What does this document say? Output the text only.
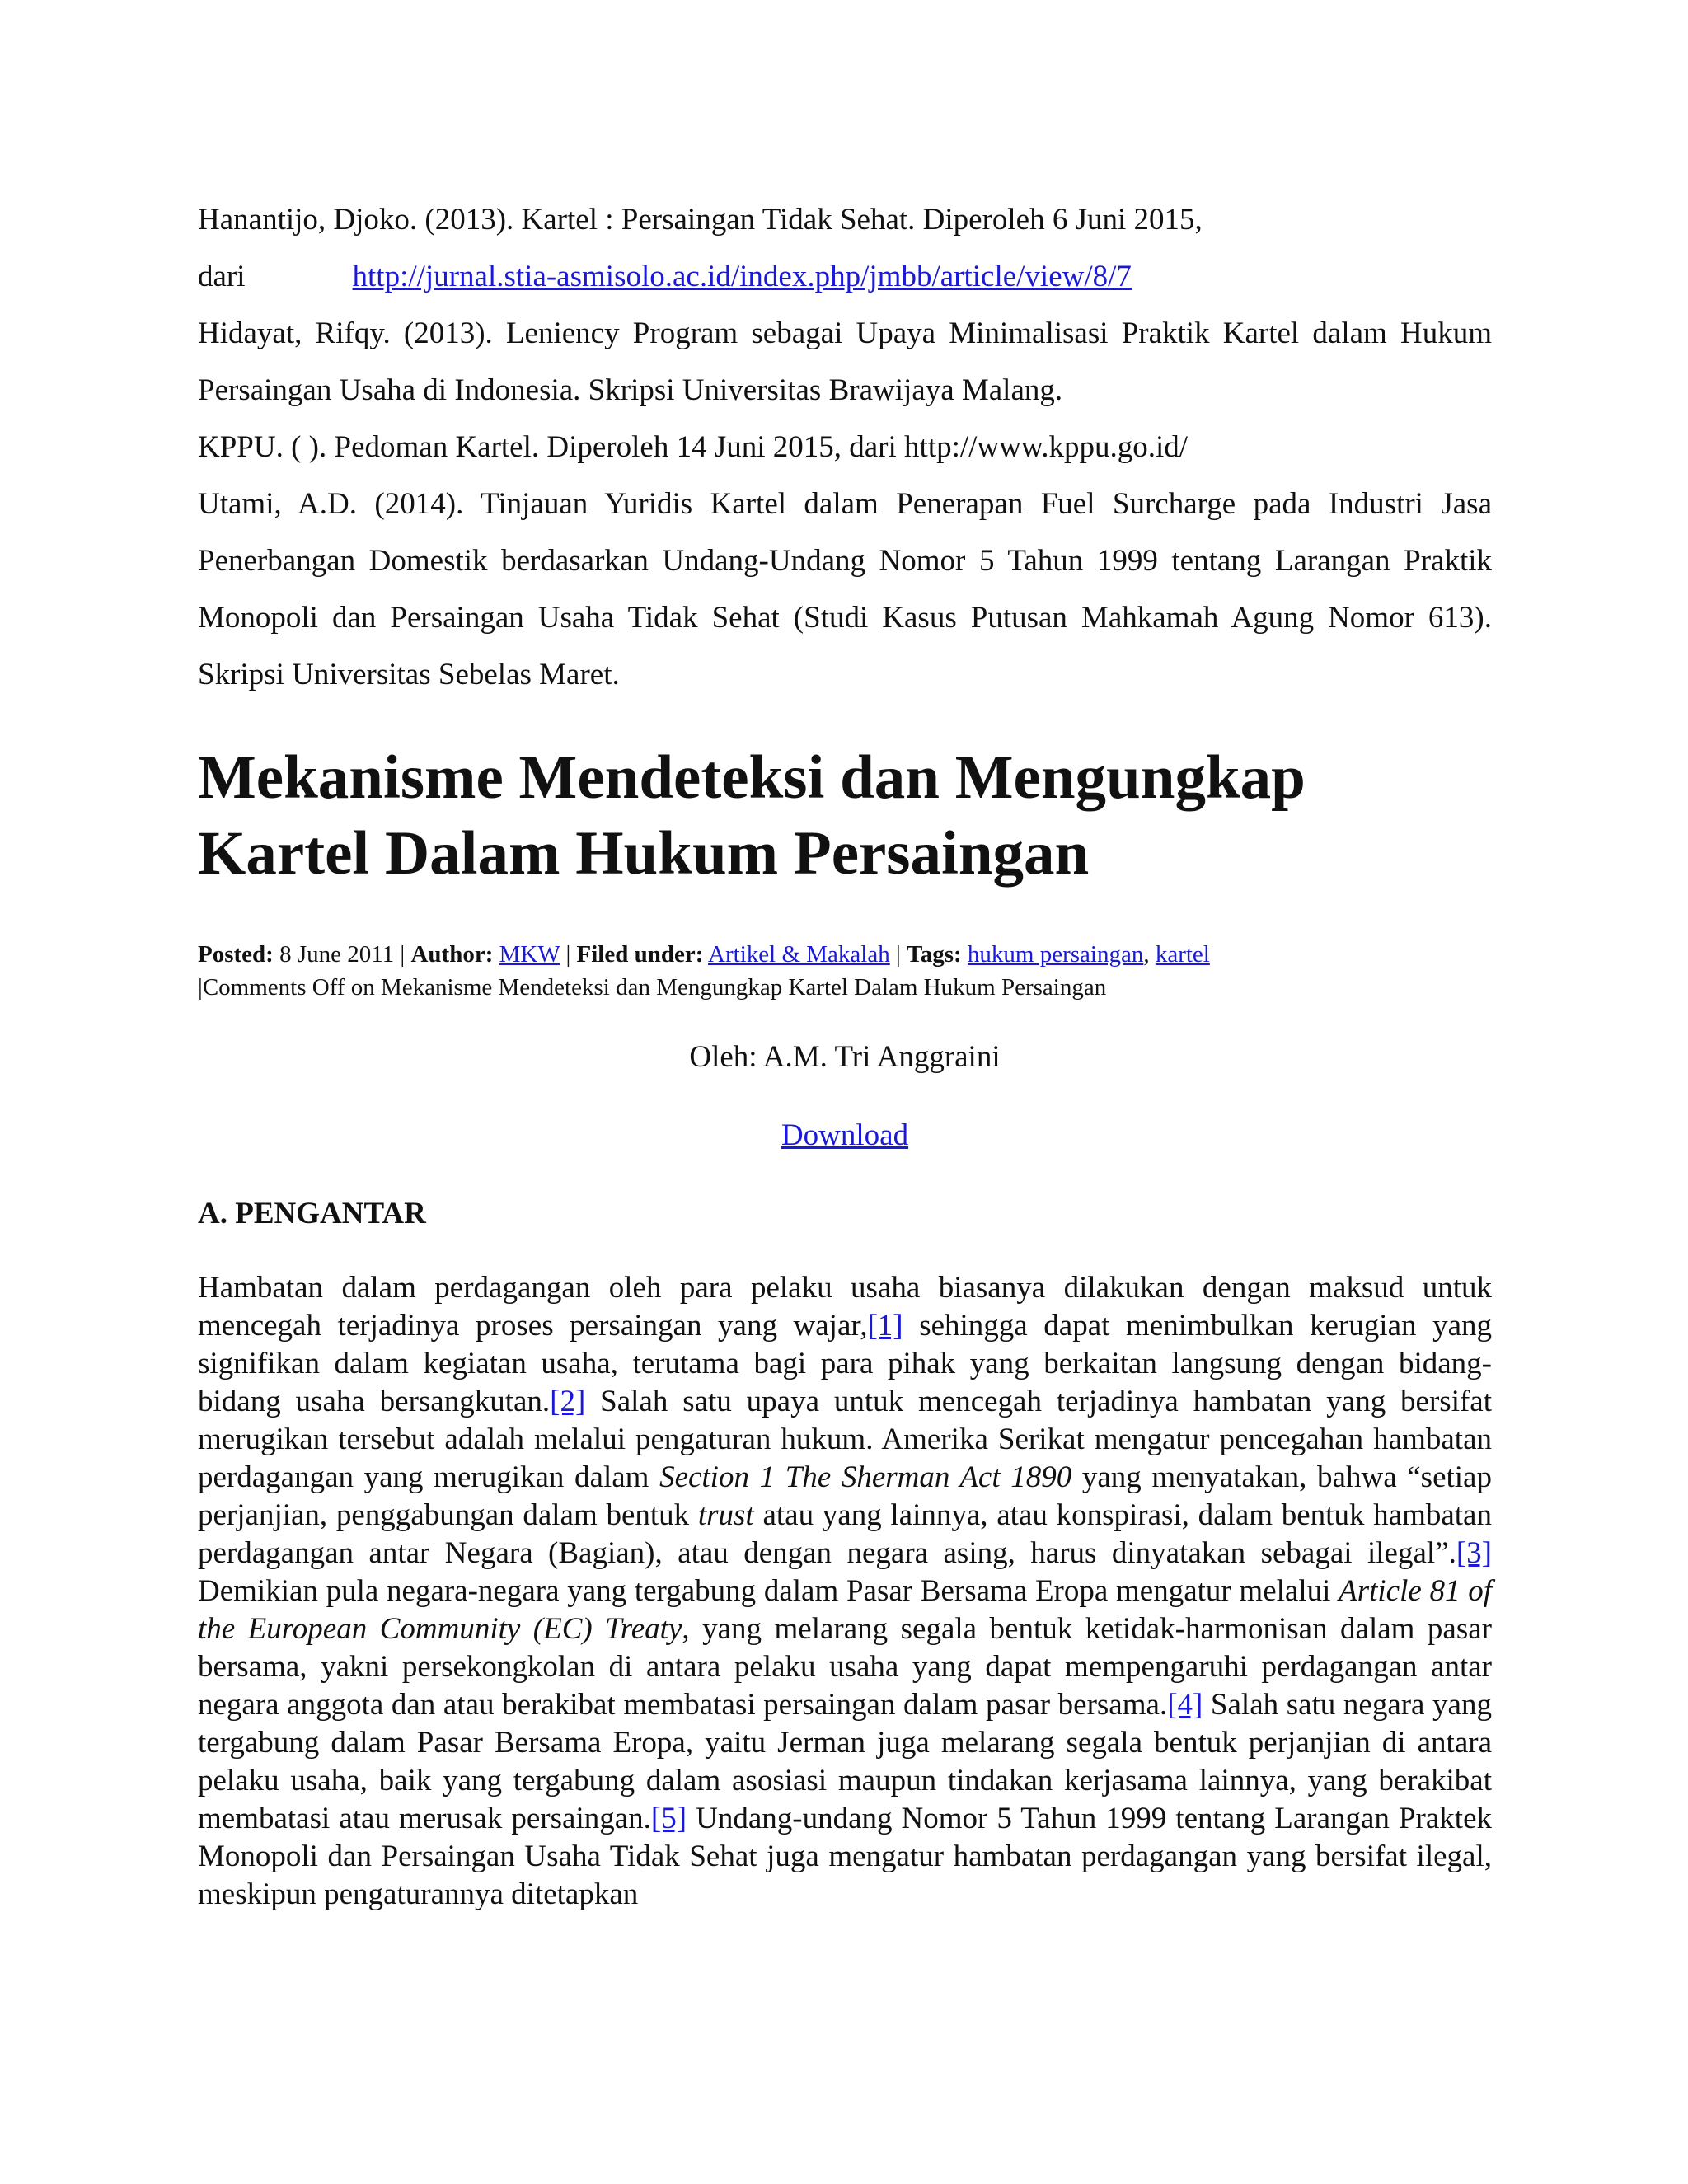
Hanantijo, Djoko. (2013). Kartel : Persaingan Tidak Sehat. Diperoleh 6 Juni 2015,
dari	http://jurnal.stia-asmisolo.ac.id/index.php/jmbb/article/view/8/7

Hidayat, Rifqy. (2013). Leniency Program sebagai Upaya Minimalisasi Praktik Kartel dalam Hukum Persaingan Usaha di Indonesia. Skripsi Universitas Brawijaya Malang.

KPPU. ( ). Pedoman Kartel. Diperoleh 14 Juni 2015, dari http://www.kppu.go.id/

Utami, A.D. (2014). Tinjauan Yuridis Kartel dalam Penerapan Fuel Surcharge pada Industri Jasa Penerbangan Domestik berdasarkan Undang-Undang Nomor 5 Tahun 1999 tentang Larangan Praktik Monopoli dan Persaingan Usaha Tidak Sehat (Studi Kasus Putusan Mahkamah Agung Nomor 613). Skripsi Universitas Sebelas Maret.

Mekanisme Mendeteksi dan Mengungkap
Kartel Dalam Hukum Persaingan
Posted: 8 June 2011 | Author: MKW | Filed under: Artikel & Makalah | Tags: hukum persaingan, kartel
|Comments Off on Mekanisme Mendeteksi dan Mengungkap Kartel Dalam Hukum Persaingan
Oleh: A.M. Tri Anggraini
Download
A. PENGANTAR

Hambatan dalam perdagangan oleh para pelaku usaha biasanya dilakukan dengan maksud untuk mencegah terjadinya proses persaingan yang wajar,[1] sehingga dapat menimbulkan kerugian yang signifikan dalam kegiatan usaha, terutama bagi para pihak yang berkaitan langsung dengan bidang-bidang usaha bersangkutan.[2] Salah satu upaya untuk mencegah terjadinya hambatan yang bersifat merugikan tersebut adalah melalui pengaturan hukum. Amerika Serikat mengatur pencegahan hambatan perdagangan yang merugikan dalam Section 1 The Sherman Act 1890 yang menyatakan, bahwa “setiap perjanjian, penggabungan dalam bentuk trust atau yang lainnya, atau konspirasi, dalam bentuk hambatan perdagangan antar Negara (Bagian), atau dengan negara asing, harus dinyatakan sebagai ilegal”.[3] Demikian pula negara-negara yang tergabung dalam Pasar Bersama Eropa mengatur melalui Article 81 of the European Community (EC) Treaty, yang melarang segala bentuk ketidak-harmonisan dalam pasar bersama, yakni persekongkolan di antara pelaku usaha yang dapat mempengaruhi perdagangan antar negara anggota dan atau berakibat membatasi persaingan dalam pasar bersama.[4] Salah satu negara yang tergabung dalam Pasar Bersama Eropa, yaitu Jerman juga melarang segala bentuk perjanjian di antara pelaku usaha, baik yang tergabung dalam asosiasi maupun tindakan kerjasama lainnya, yang berakibat membatasi atau merusak persaingan.[5] Undang-undang Nomor 5 Tahun 1999 tentang Larangan Praktek Monopoli dan Persaingan Usaha Tidak Sehat juga mengatur hambatan perdagangan yang bersifat ilegal, meskipun pengaturannya ditetapkan
